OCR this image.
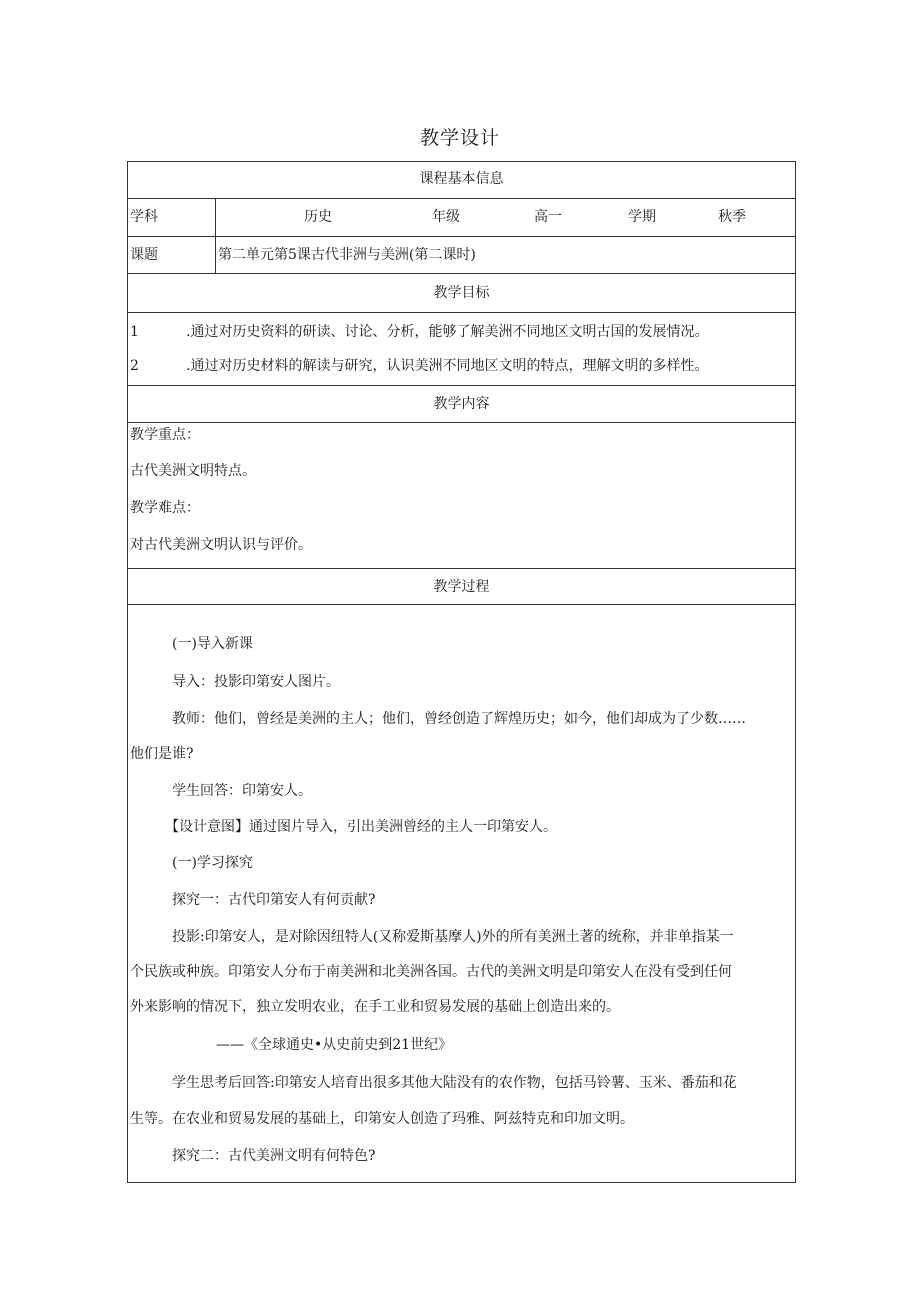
教学设计
课程基本信息
学科	历史	年级	高一	学期	秋季
课题	第二单元第5课古代非洲与美洲(第二课时)
教学目标
1	.通过对历史资料的研读、讨论、分析，能够了解美洲不同地区文明古国的发展情况。
2	.通过对历史材料的解读与研究，认识美洲不同地区文明的特点，理解文明的多样性。
教学内容
教学重点：
古代美洲文明特点。
教学难点：
对古代美洲文明认识与评价。
教学过程
(一)导入新课
导入：投影印第安人图片。
教师：他们，曾经是美洲的主人；他们，曾经创造了辉煌历史；如今，他们却成为了少数……
他们是谁?
学生回答：印第安人。
【设计意图】通过图片导入，引出美洲曾经的主人一印第安人。
(一)学习探究
探究一：古代印第安人有何贡献?
投影:印第安人，是对除因纽特人(又称爱斯基摩人)外的所有美洲土著的统称，并非单指某一
个民族或种族。印第安人分布于南美洲和北美洲各国。古代的美洲文明是印第安人在没有受到任何
外来影响的情况下，独立发明农业，在手工业和贸易发展的基础上创造出来的。
——《全球通史•从史前史到21世纪》
学生思考后回答:印第安人培育出很多其他大陆没有的农作物，包括马铃薯、玉米、番茄和花
生等。在农业和贸易发展的基础上，印第安人创造了玛雅、阿兹特克和印加文明。
探究二：古代美洲文明有何特色?
